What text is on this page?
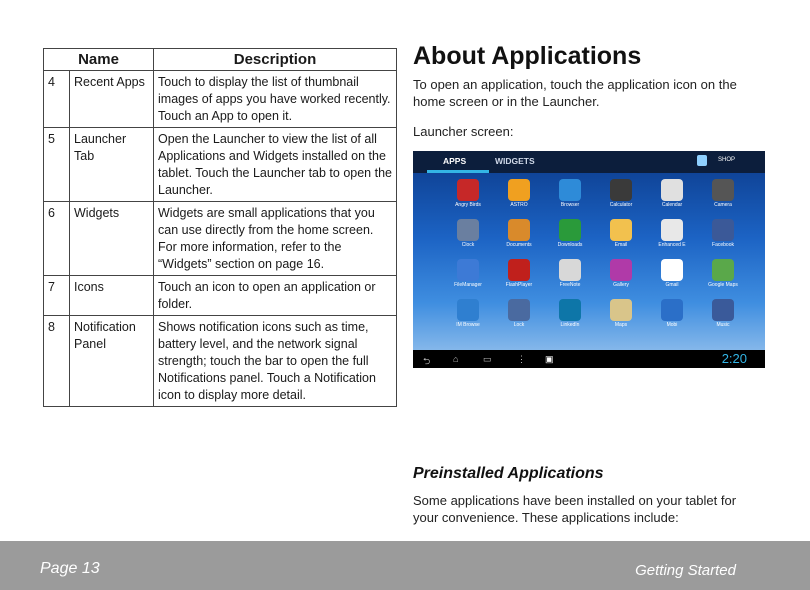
Name		Description
4	Recent Apps	Touch to display the list of thumbnail images of apps you have worked recently. Touch an App to open it.
5	Launcher Tab	Open the Launcher to view the list of all Applications and Widgets installed on the tablet. Touch the Launcher tab to open the Launcher.
6	Widgets	Widgets are small applications that you can use directly from the home screen. For more information, refer to the “Widgets” section on page 16.
7	Icons	Touch an icon to open an application or folder.
8	Notification Panel	Shows notification icons such as time, battery level, and the network signal strength; touch the bar to open the full Notifications panel. Touch a Notification icon to display more detail.
About Applications

To open an application, touch the application icon on the home screen or in the Launcher.

Launcher screen:

APPS	WIDGETS	SHOP
Angry Birds	ASTRO	Browser	Calculator	Calendar	Camera
Clock	Documents	Downloads	Email	Enhanced E	Facebook
FileManager	FlashPlayer	FreeNote	Gallery	Gmail	Google Maps
IM Browse	Lock	LinkedIn	Maps	Mobi	Music
⮌	⌂	▭	⋮ ▣	2:20
Preinstalled Applications

Some applications have been installed on your tablet for your convenience. These applications include:

Page 13	Getting Started
